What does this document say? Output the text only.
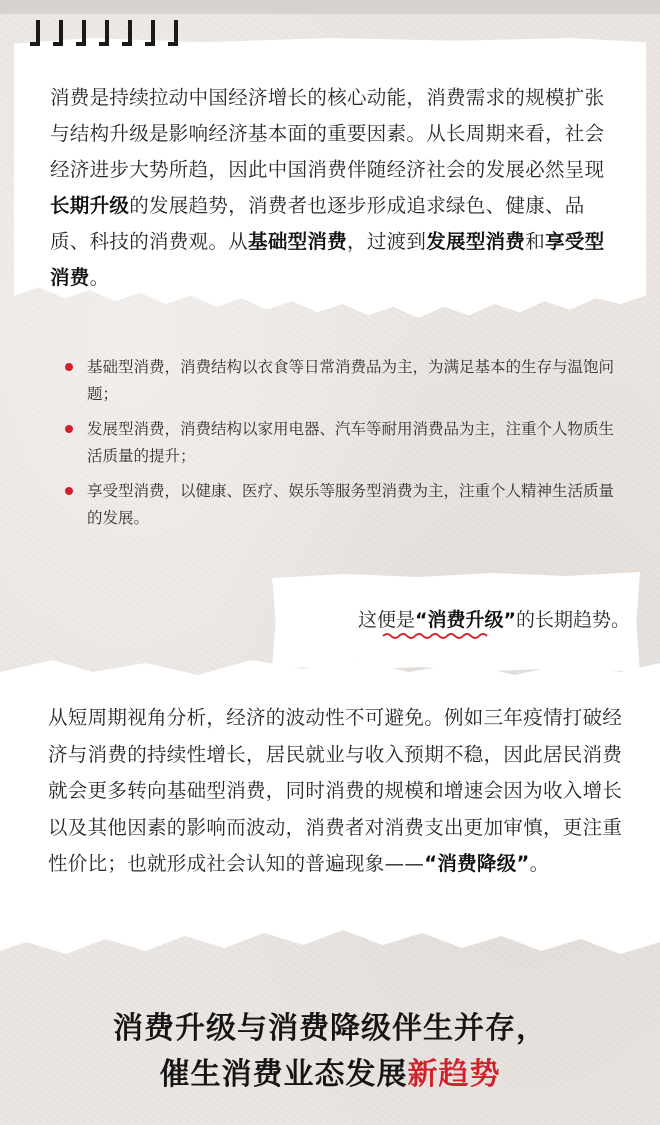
消费是持续拉动中国经济增长的核心动能，消费需求的规模扩张与结构升级是影响经济基本面的重要因素。从长周期来看，社会经济进步大势所趋，因此中国消费伴随经济社会的发展必然呈现长期升级的发展趋势，消费者也逐步形成追求绿色、健康、品质、科技的消费观。从基础型消费，过渡到发展型消费和享受型消费。
基础型消费，消费结构以衣食等日常消费品为主，为满足基本的生存与温饱问题；
发展型消费，消费结构以家用电器、汽车等耐用消费品为主，注重个人物质生活质量的提升；
享受型消费，以健康、医疗、娱乐等服务型消费为主，注重个人精神生活质量的发展。
这便是“消费升级”的长期趋势。
从短周期视角分析，经济的波动性不可避免。例如三年疫情打破经济与消费的持续性增长，居民就业与收入预期不稳，因此居民消费就会更多转向基础型消费，同时消费的规模和增速会因为收入增长以及其他因素的影响而波动，消费者对消费支出更加审慎，更注重性价比；也就形成社会认知的普遍现象——“消费降级”。
消费升级与消费降级伴生并存，
催生消费业态发展新趋势
